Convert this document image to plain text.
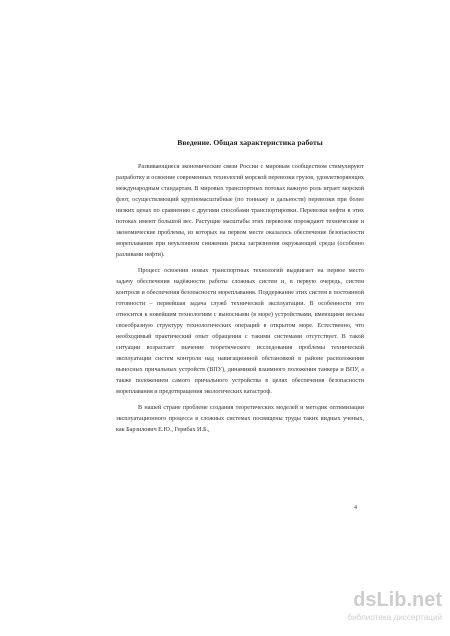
Введение. Общая характеристика работы

Развивающиеся экономические связи России с мировым сообществом стимулируют разработку и освоение современных технологий морской перевозки грузов, удовлетворяющих международным стандартам. В мировых транспортных потоках важную роль играет морской флот, осуществляющий крупномасштабные (по тоннажу и дальности) перевозки при более низких ценах по сравнению с другими способами транспортировки. Перевозки нефти в этих потоках имеют большой вес. Растущие масштабы этих перевозок порождают технические и экономические проблемы, из которых на первом месте оказалось обеспечение безопасности мореплавания при неуклонном снижении риска загрязнения окружающей среды (особенно разливами нефти).

Процесс освоения новых транспортных технологий выдвигает на первое место задачу обеспечения надёжности работы сложных систем и, в первую очередь, систем контроля и обеспечения безопасности мореплавания. Поддержание этих систем в постоянной готовности – первейшая задача служб технической эксплуатации. В особенности это относится к новейшим технологиям с выносными (в море) устройствами, имеющими весьма своеобразную структуру технологических операций в открытом море. Естественно, что необходимый практический опыт обращения с такими системами отсутствует. В такой ситуации возрастает значение теоретического исследования проблемы технической эксплуатации систем контроля над навигационной обстановкой в районе расположения выносных причальных устройств (ВПУ), динамикой взаимного положения танкера и ВПУ, а также положением самого причального устройства в целях обеспечения безопасности мореплавания и предотвращения экологических катастроф.

В нашей стране проблеме создания теоретических моделей и методик оптимизации эксплуатационного процесса в сложных системах посвящены труды таких видных ученых, как Барзилович Е.Ю., Герибах И.Б.,

4
dsLib.net
библиотека диссертаций
